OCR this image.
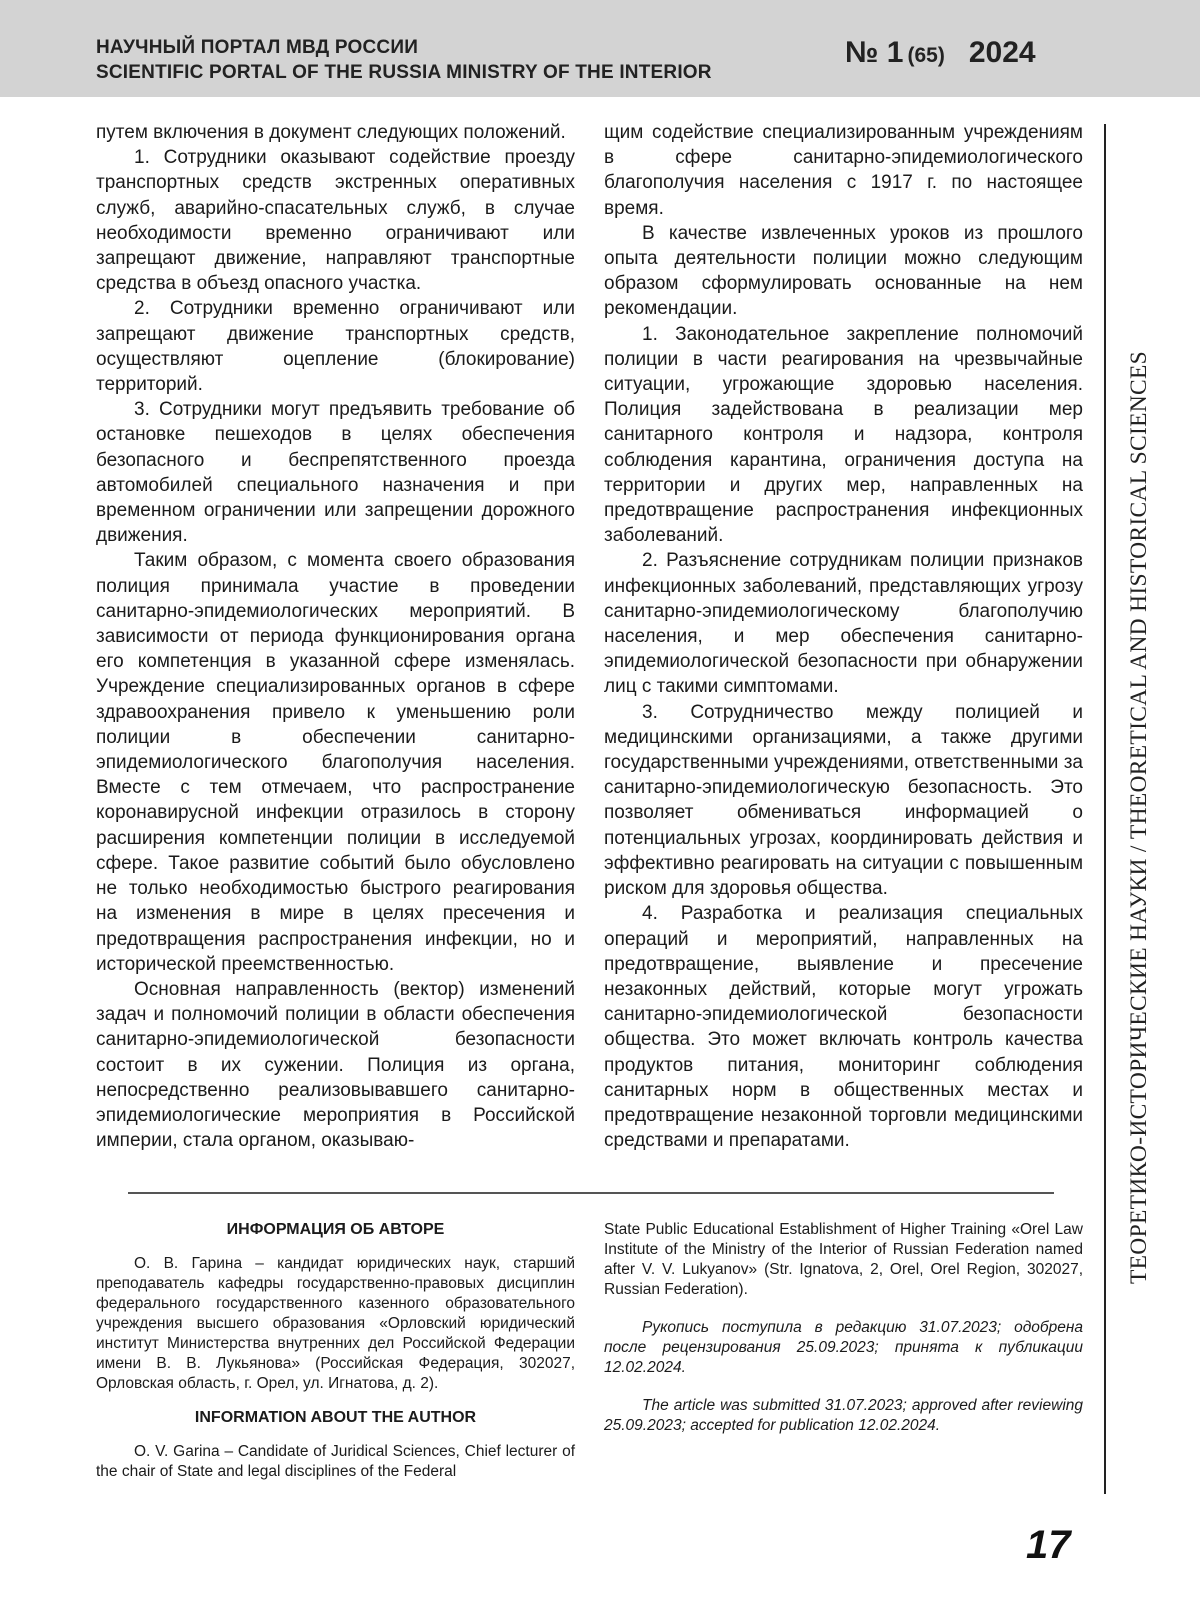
НАУЧНЫЙ ПОРТАЛ МВД РОССИИ
SCIENTIFIC PORTAL OF THE RUSSIA MINISTRY OF THE INTERIOR
№ 1 (65) 2024

путем включения в документ следующих положений.

1. Сотрудники оказывают содействие проезду транспортных средств экстренных оперативных служб, аварийно-спасательных служб, в случае необходимости временно ограничивают или запрещают движение, направляют транспортные средства в объезд опасного участка.

2. Сотрудники временно ограничивают или запрещают движение транспортных средств, осуществляют оцепление (блокирование) территорий.

3. Сотрудники могут предъявить требование об остановке пешеходов в целях обеспечения безопасного и беспрепятственного проезда автомобилей специального назначения и при временном ограничении или запрещении дорожного движения.

Таким образом, с момента своего образования полиция принимала участие в проведении санитарно-эпидемиологических мероприятий. В зависимости от периода функционирования органа его компетенция в указанной сфере изменялась. Учреждение специализированных органов в сфере здравоохранения привело к уменьшению роли полиции в обеспечении санитарно-эпидемиологического благополучия населения. Вместе с тем отмечаем, что распространение коронавирусной инфекции отразилось в сторону расширения компетенции полиции в исследуемой сфере. Такое развитие событий было обусловлено не только необходимостью быстрого реагирования на изменения в мире в целях пресечения и предотвращения распространения инфекции, но и исторической преемственностью.

Основная направленность (вектор) изменений задач и полномочий полиции в области обеспечения санитарно-эпидемиологической безопасности состоит в их сужении. Полиция из органа, непосредственно реализовывавшего санитарно-эпидемиологические мероприятия в Российской империи, стала органом, оказываю-

щим содействие специализированным учреждениям в сфере санитарно-эпидемиологического благополучия населения с 1917 г. по настоящее время.

В качестве извлеченных уроков из прошлого опыта деятельности полиции можно следующим образом сформулировать основанные на нем рекомендации.

1. Законодательное закрепление полномочий полиции в части реагирования на чрезвычайные ситуации, угрожающие здоровью населения. Полиция задействована в реализации мер санитарного контроля и надзора, контроля соблюдения карантина, ограничения доступа на территории и других мер, направленных на предотвращение распространения инфекционных заболеваний.

2. Разъяснение сотрудникам полиции признаков инфекционных заболеваний, представляющих угрозу санитарно-эпидемиологическому благополучию населения, и мер обеспечения санитарно-эпидемиологической безопасности при обнаружении лиц с такими симптомами.

3. Сотрудничество между полицией и медицинскими организациями, а также другими государственными учреждениями, ответственными за санитарно-эпидемиологическую безопасность. Это позволяет обмениваться информацией о потенциальных угрозах, координировать действия и эффективно реагировать на ситуации с повышенным риском для здоровья общества.

4. Разработка и реализация специальных операций и мероприятий, направленных на предотвращение, выявление и пресечение незаконных действий, которые могут угрожать санитарно-эпидемиологической безопасности общества. Это может включать контроль качества продуктов питания, мониторинг соблюдения санитарных норм в общественных местах и предотвращение незаконной торговли медицинскими средствами и препаратами.	ТЕОРЕТИКО-ИСТОРИЧЕСКИЕ НАУКИ / THEORETICAL AND HISTORICAL SCIENCES
ИНФОРМАЦИЯ ОБ АВТОРЕ

О. В. Гарина – кандидат юридических наук, старший преподаватель кафедры государственно-правовых дисциплин федерального государственного казенного образовательного учреждения высшего образования «Орловский юридический институт Министерства внутренних дел Российской Федерации имени В. В. Лукьянова» (Российская Федерация, 302027, Орловская область, г. Орел, ул. Игнатова, д. 2).

INFORMATION ABOUT THE AUTHOR

O. V. Garina – Candidate of Juridical Sciences, Chief lecturer of the chair of State and legal disciplines of the Federal

State Public Educational Establishment of Higher Training «Orel Law Institute of the Ministry of the Interior of Russian Federation named after V. V. Lukyanov» (Str. Ignatova, 2, Orel, Orel Region, 302027, Russian Federation).

Рукопись поступила в редакцию 31.07.2023; одобрена после рецензирования 25.09.2023; принята к публикации 12.02.2024.

The article was submitted 31.07.2023; approved after reviewing 25.09.2023; accepted for publication 12.02.2024.

17
